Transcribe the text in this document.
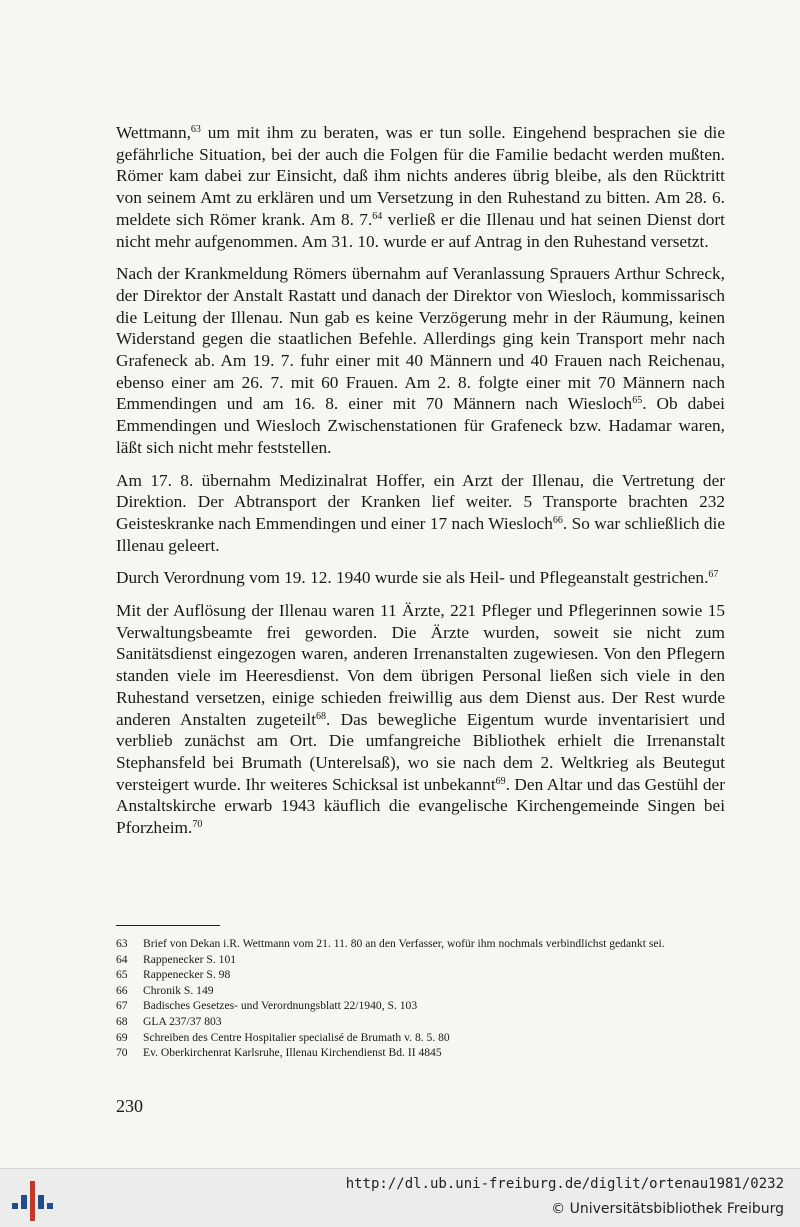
Wettmann,$^{63}$ um mit ihm zu beraten, was er tun solle. Eingehend besprachen sie die gefährliche Situation, bei der auch die Folgen für die Familie bedacht werden mußten. Römer kam dabei zur Einsicht, daß ihm nichts anderes übrig bleibe, als den Rücktritt von seinem Amt zu erklären und um Versetzung in den Ruhestand zu bitten. Am 28. 6. meldete sich Römer krank. Am 8. 7.64 verließ er die Illenau und hat seinen Dienst dort nicht mehr aufgenommen. Am 31. 10. wurde er auf Antrag in den Ruhestand versetzt.

Nach der Krankmeldung Römers übernahm auf Veranlassung Sprauers Arthur Schreck, der Direktor der Anstalt Rastatt und danach der Direktor von Wiesloch, kommissarisch die Leitung der Illenau. Nun gab es keine Verzögerung mehr in der Räumung, keinen Widerstand gegen die staatlichen Befehle. Allerdings ging kein Transport mehr nach Grafeneck ab. Am 19. 7. fuhr einer mit 40 Männern und 40 Frauen nach Reichenau, ebenso einer am 26. 7. mit 60 Frauen. Am 2. 8. folgte einer mit 70 Männern nach Emmendingen und am 16. 8. einer mit 70 Männern nach Wiesloch$^{65}$. Ob dabei Emmendingen und Wiesloch Zwischenstationen für Grafeneck bzw. Hadamar waren, läßt sich nicht mehr feststellen.

Am 17. 8. übernahm Medizinalrat Hoffer, ein Arzt der Illenau, die Vertretung der Direktion. Der Abtransport der Kranken lief weiter. 5 Transporte brachten 232 Geisteskranke nach Emmendingen und einer 17 nach Wiesloch$^{66}$. So war schließlich die Illenau geleert.

Durch Verordnung vom 19. 12. 1940 wurde sie als Heil- und Pflegeanstalt gestrichen.$^{67}$

Mit der Auflösung der Illenau waren 11 Ärzte, 221 Pfleger und Pflegerinnen sowie 15 Verwaltungsbeamte frei geworden. Die Ärzte wurden, soweit sie nicht zum Sanitätsdienst eingezogen waren, anderen Irrenanstalten zugewiesen. Von den Pflegern standen viele im Heeresdienst. Von dem übrigen Personal ließen sich viele in den Ruhestand versetzen, einige schieden freiwillig aus dem Dienst aus. Der Rest wurde anderen Anstalten zugeteilt$^{68}$. Das bewegliche Eigentum wurde inventarisiert und verblieb zunächst am Ort. Die umfangreiche Bibliothek erhielt die Irrenanstalt Stephansfeld bei Brumath (Unterelsaß), wo sie nach dem 2. Weltkrieg als Beutegut versteigert wurde. Ihr weiteres Schicksal ist unbekannt$^{69}$. Den Altar und das Gestühl der Anstaltskirche erwarb 1943 käuflich die evangelische Kirchengemeinde Singen bei Pforzheim.$^{70}$

63	Brief von Dekan i.R. Wettmann vom 21. 11. 80 an den Verfasser, wofür ihm nochmals verbindlichst gedankt sei.
64	Rappenecker S. 101
65	Rappenecker S. 98
66	Chronik S. 149
67	Badisches Gesetzes- und Verordnungsblatt 22/1940, S. 103
68	GLA 237/37 803
69	Schreiben des Centre Hospitalier specialisé de Brumath v. 8. 5. 80
70	Ev. Oberkirchenrat Karlsruhe, Illenau Kirchendienst Bd. II 4845
230
http://dl.ub.uni-freiburg.de/diglit/ortenau1981/0232
© Universitätsbibliothek Freiburg
